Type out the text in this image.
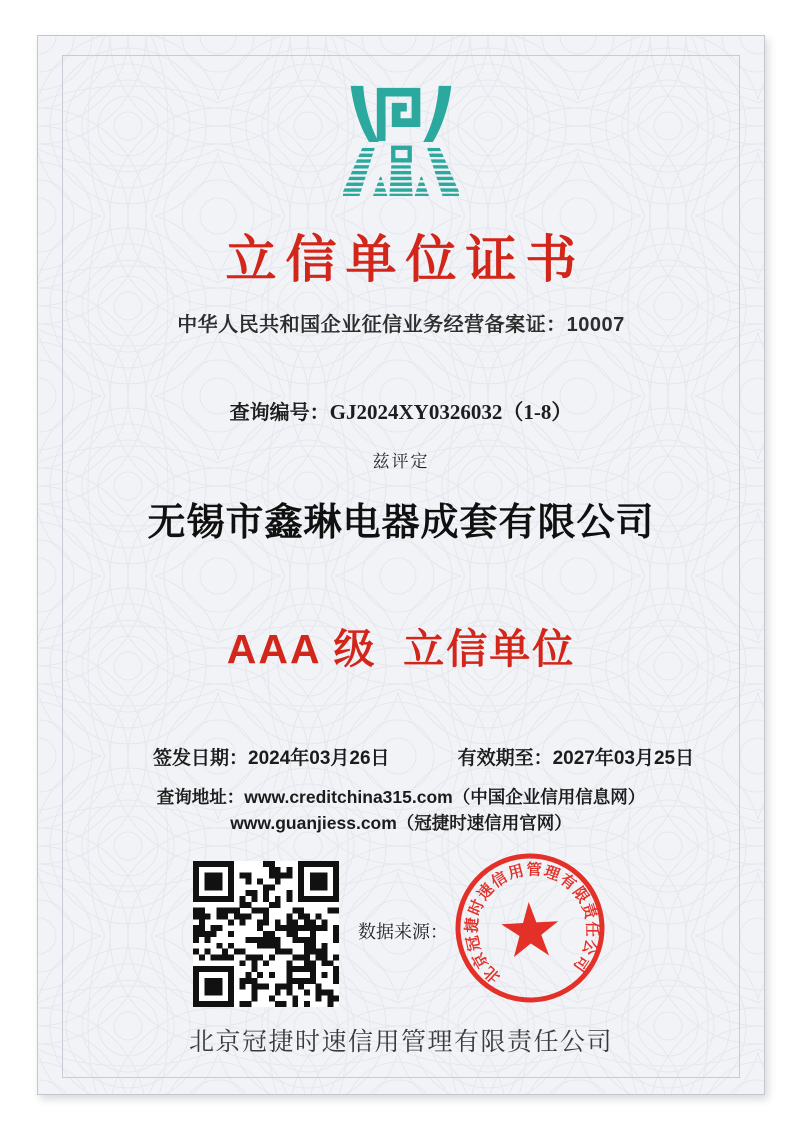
立信单位证书
中华人民共和国企业征信业务经营备案证：10007
查询编号：GJ2024XY0326032（1-8）
兹评定
无锡市鑫琳电器成套有限公司
AAA 级  立信单位
签发日期：2024年03月26日	有效期至：2027年03月25日
查询地址：www.creditchina315.com（中国企业信用信息网）
www.guanjiess.com（冠捷时速信用官网）
数据来源：
北京冠捷时速信用管理有限责任公司
北京冠捷时速信用管理有限责任公司
